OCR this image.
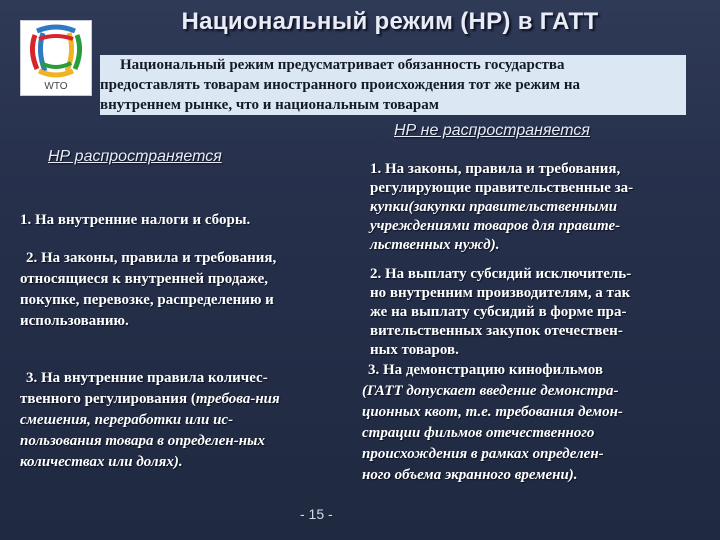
Национальный режим (НР) в ГАТТ
WTO
Национальный режим предусматривает обязанность государства
предоставлять товарам иностранного происхождения тот же режим на
внутреннем рынке, что и национальным товарам
НР распространяется
НР не распространяется

1. На внутренние налоги и сборы.

2. На законы, правила и требования,

относящиеся к внутренней продаже,

покупке, перевозке, распределению и

использованию.

3. На внутренние правила количес-

твенного регулирования (требова-ния

смешения, переработки или ис-

пользования товара в определен-ных

количествах или долях).

1. На законы, правила и требования,

регулирующие правительственные за-

купки(закупки правительственными

учреждениями товаров для правите-

льственных нужд).

2. На выплату субсидий исключитель-

но внутренним производителям, а так

же на выплату субсидий в форме пра-

вительственных закупок отечествен-

ных товаров.

3. На демонстрацию кинофильмов

(ГАТТ допускает введение демонстра-

ционных квот, т.е. требования демон-

страции фильмов отечественного

происхождения в рамках определен-

ного объема экранного времени).

- 15 -
